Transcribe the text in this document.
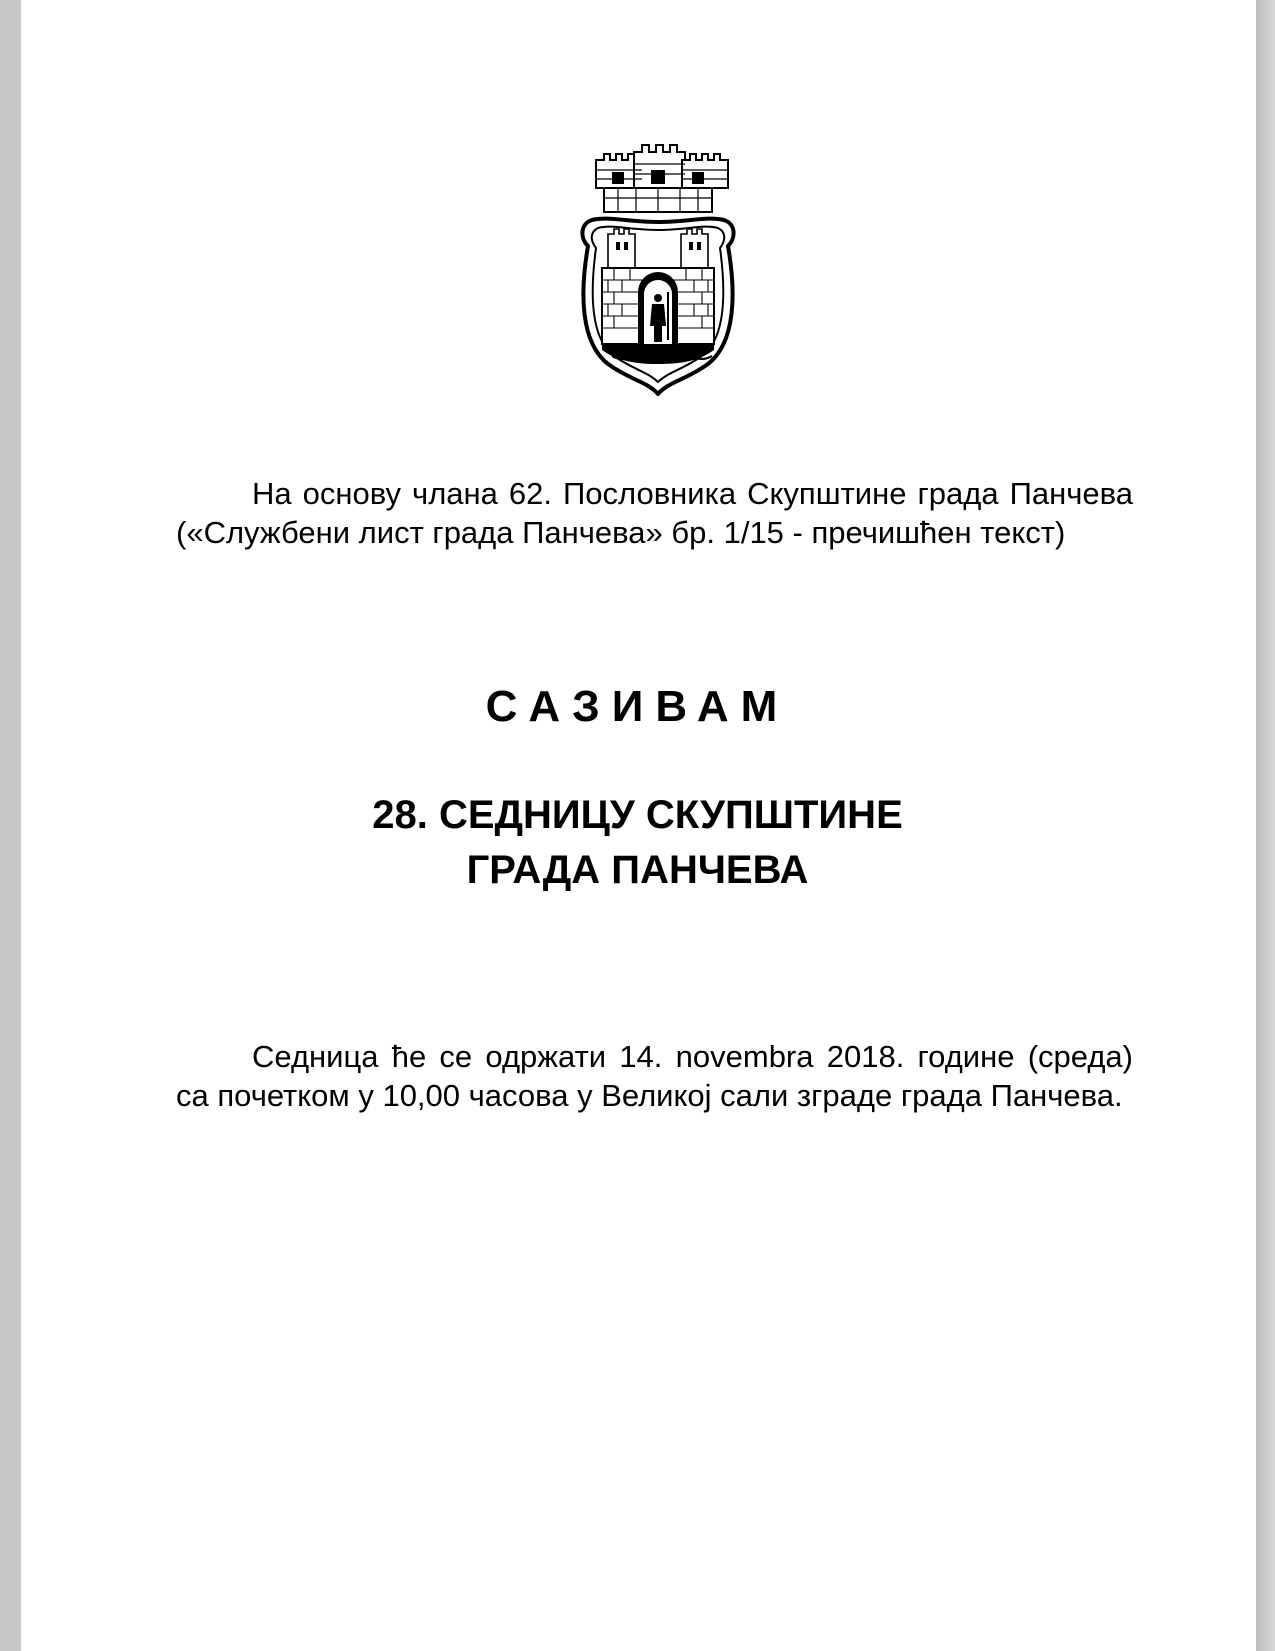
На основу члана 62. Пословника Скупштине града Панчева («Службени лист града Панчева» бр. 1/15 - пречишћен текст)

САЗИВАМ
28. СЕДНИЦУ СКУПШТИНЕ
ГРАДА ПАНЧЕВА

Седница ће се одржати 14. novembra 2018. године (среда) са почетком у 10,00 часова у Великој сали зграде града Панчева.
